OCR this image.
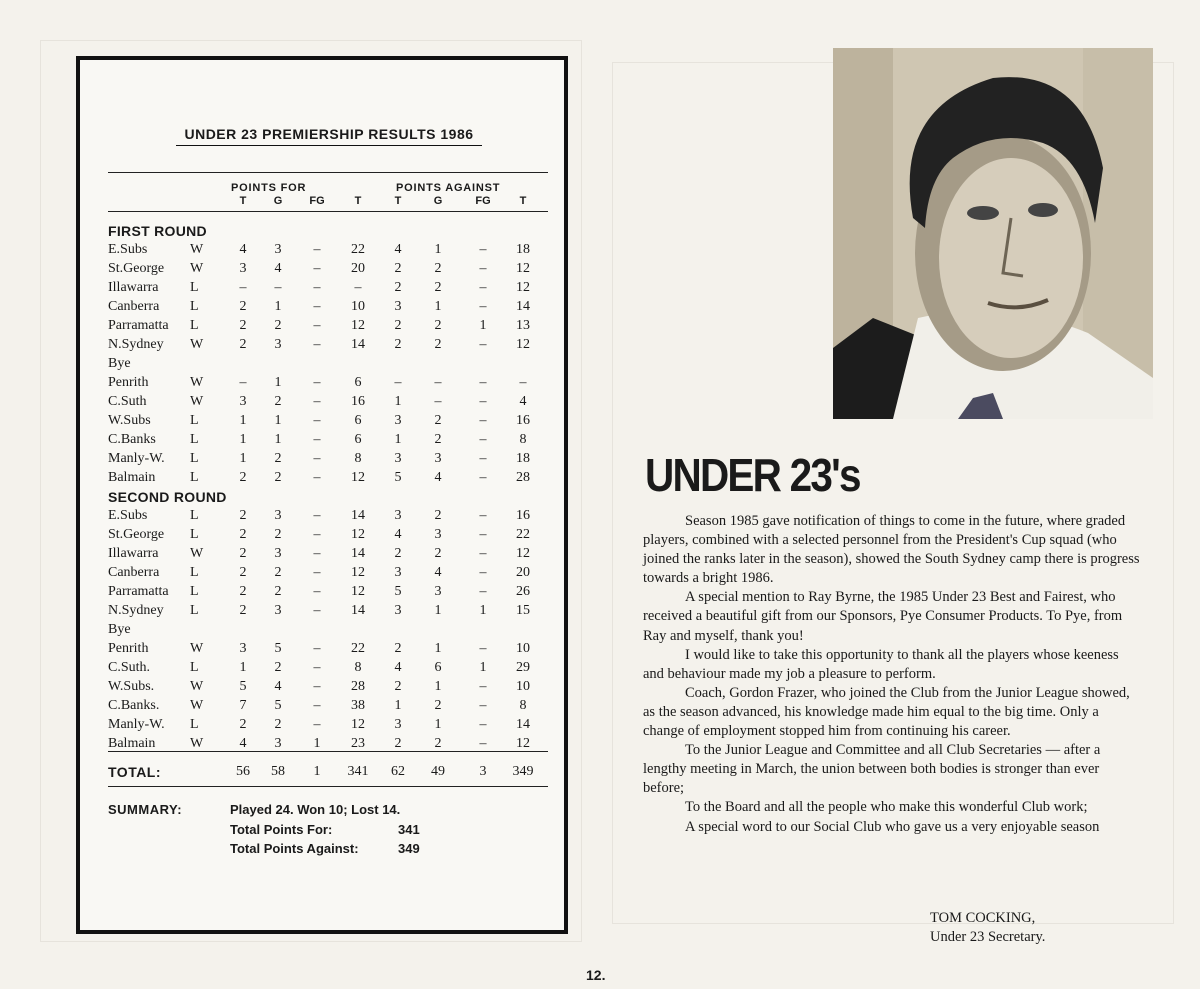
UNDER 23 PREMIERSHIP RESULTS 1986
POINTS FOR	POINTS AGAINST
T	G	FG	T	T	G	FG	T
FIRST ROUND
E.Subs	W	4	3	–	22	4	1	–	18
St.George W	3	4	–	20	2	2	–	12
Illawarra L	–	–	–	–	2	2	–	12
Canberra L	2	1	–	10	3	1	–	14
Parramatta L	2	2	–	12	2	2	1	13
N.Sydney W	2	3	–	14	2	2	–	12
Bye
Penrith	W	–	1	–	6	–	–	–	–
C.Suth	W	3	2	–	16	1	–	–	4
W.Subs	L	1	1	–	6	3	2	–	16
C.Banks L	1	1	–	6	1	2	–	8
Manly-W. L	1	2	–	8	3	3	–	18
Balmain L	2	2	–	12	5	4	–	28
SECOND ROUND
E.Subs	L	2	3	–	14	3	2	–	16
St.George L	2	2	–	12	4	3	–	22
Illawarra W	2	3	–	14	2	2	–	12
Canberra L	2	2	–	12	3	4	–	20
Parramatta L	2	2	–	12	5	3	–	26
N.Sydney L	2	3	–	14	3	1	1	15
Bye
Penrith	W	3	5	–	22	2	1	–	10
C.Suth.	L	1	2	–	8	4	6	1	29
W.Subs.	W	5	4	–	28	2	1	–	10
C.Banks. W	7	5	–	38	1	2	–	8
Manly-W. L	2	2	–	12	3	1	–	14
Balmain W	4	3	1	23	2	2	–	12
TOTAL:	56	58	1	341	62	49	3	349
SUMMARY:	Played 24. Won 10; Lost 14.
Total Points For:	341
Total Points Against:	349
UNDER 23's

Season 1985 gave notification of things to come in the future, where graded players, combined with a selected personnel from the President's Cup squad (who joined the ranks later in the season), showed the South Sydney camp there is progress towards a bright 1986.

A special mention to Ray Byrne, the 1985 Under 23 Best and Fairest, who received a beautiful gift from our Sponsors, Pye Consumer Products. To Pye, from Ray and myself, thank you!

I would like to take this opportunity to thank all the players whose keeness and behaviour made my job a pleasure to perform.

Coach, Gordon Frazer, who joined the Club from the Junior League showed, as the season advanced, his knowledge made him equal to the big time. Only a change of employment stopped him from continuing his career.

To the Junior League and Committee and all Club Secretaries — after a lengthy meeting in March, the union between both bodies is stronger than ever before;

To the Board and all the people who make this wonderful Club work;

A special word to our Social Club who gave us a very enjoyable season

TOM COCKING,
Under 23 Secretary.
12.
